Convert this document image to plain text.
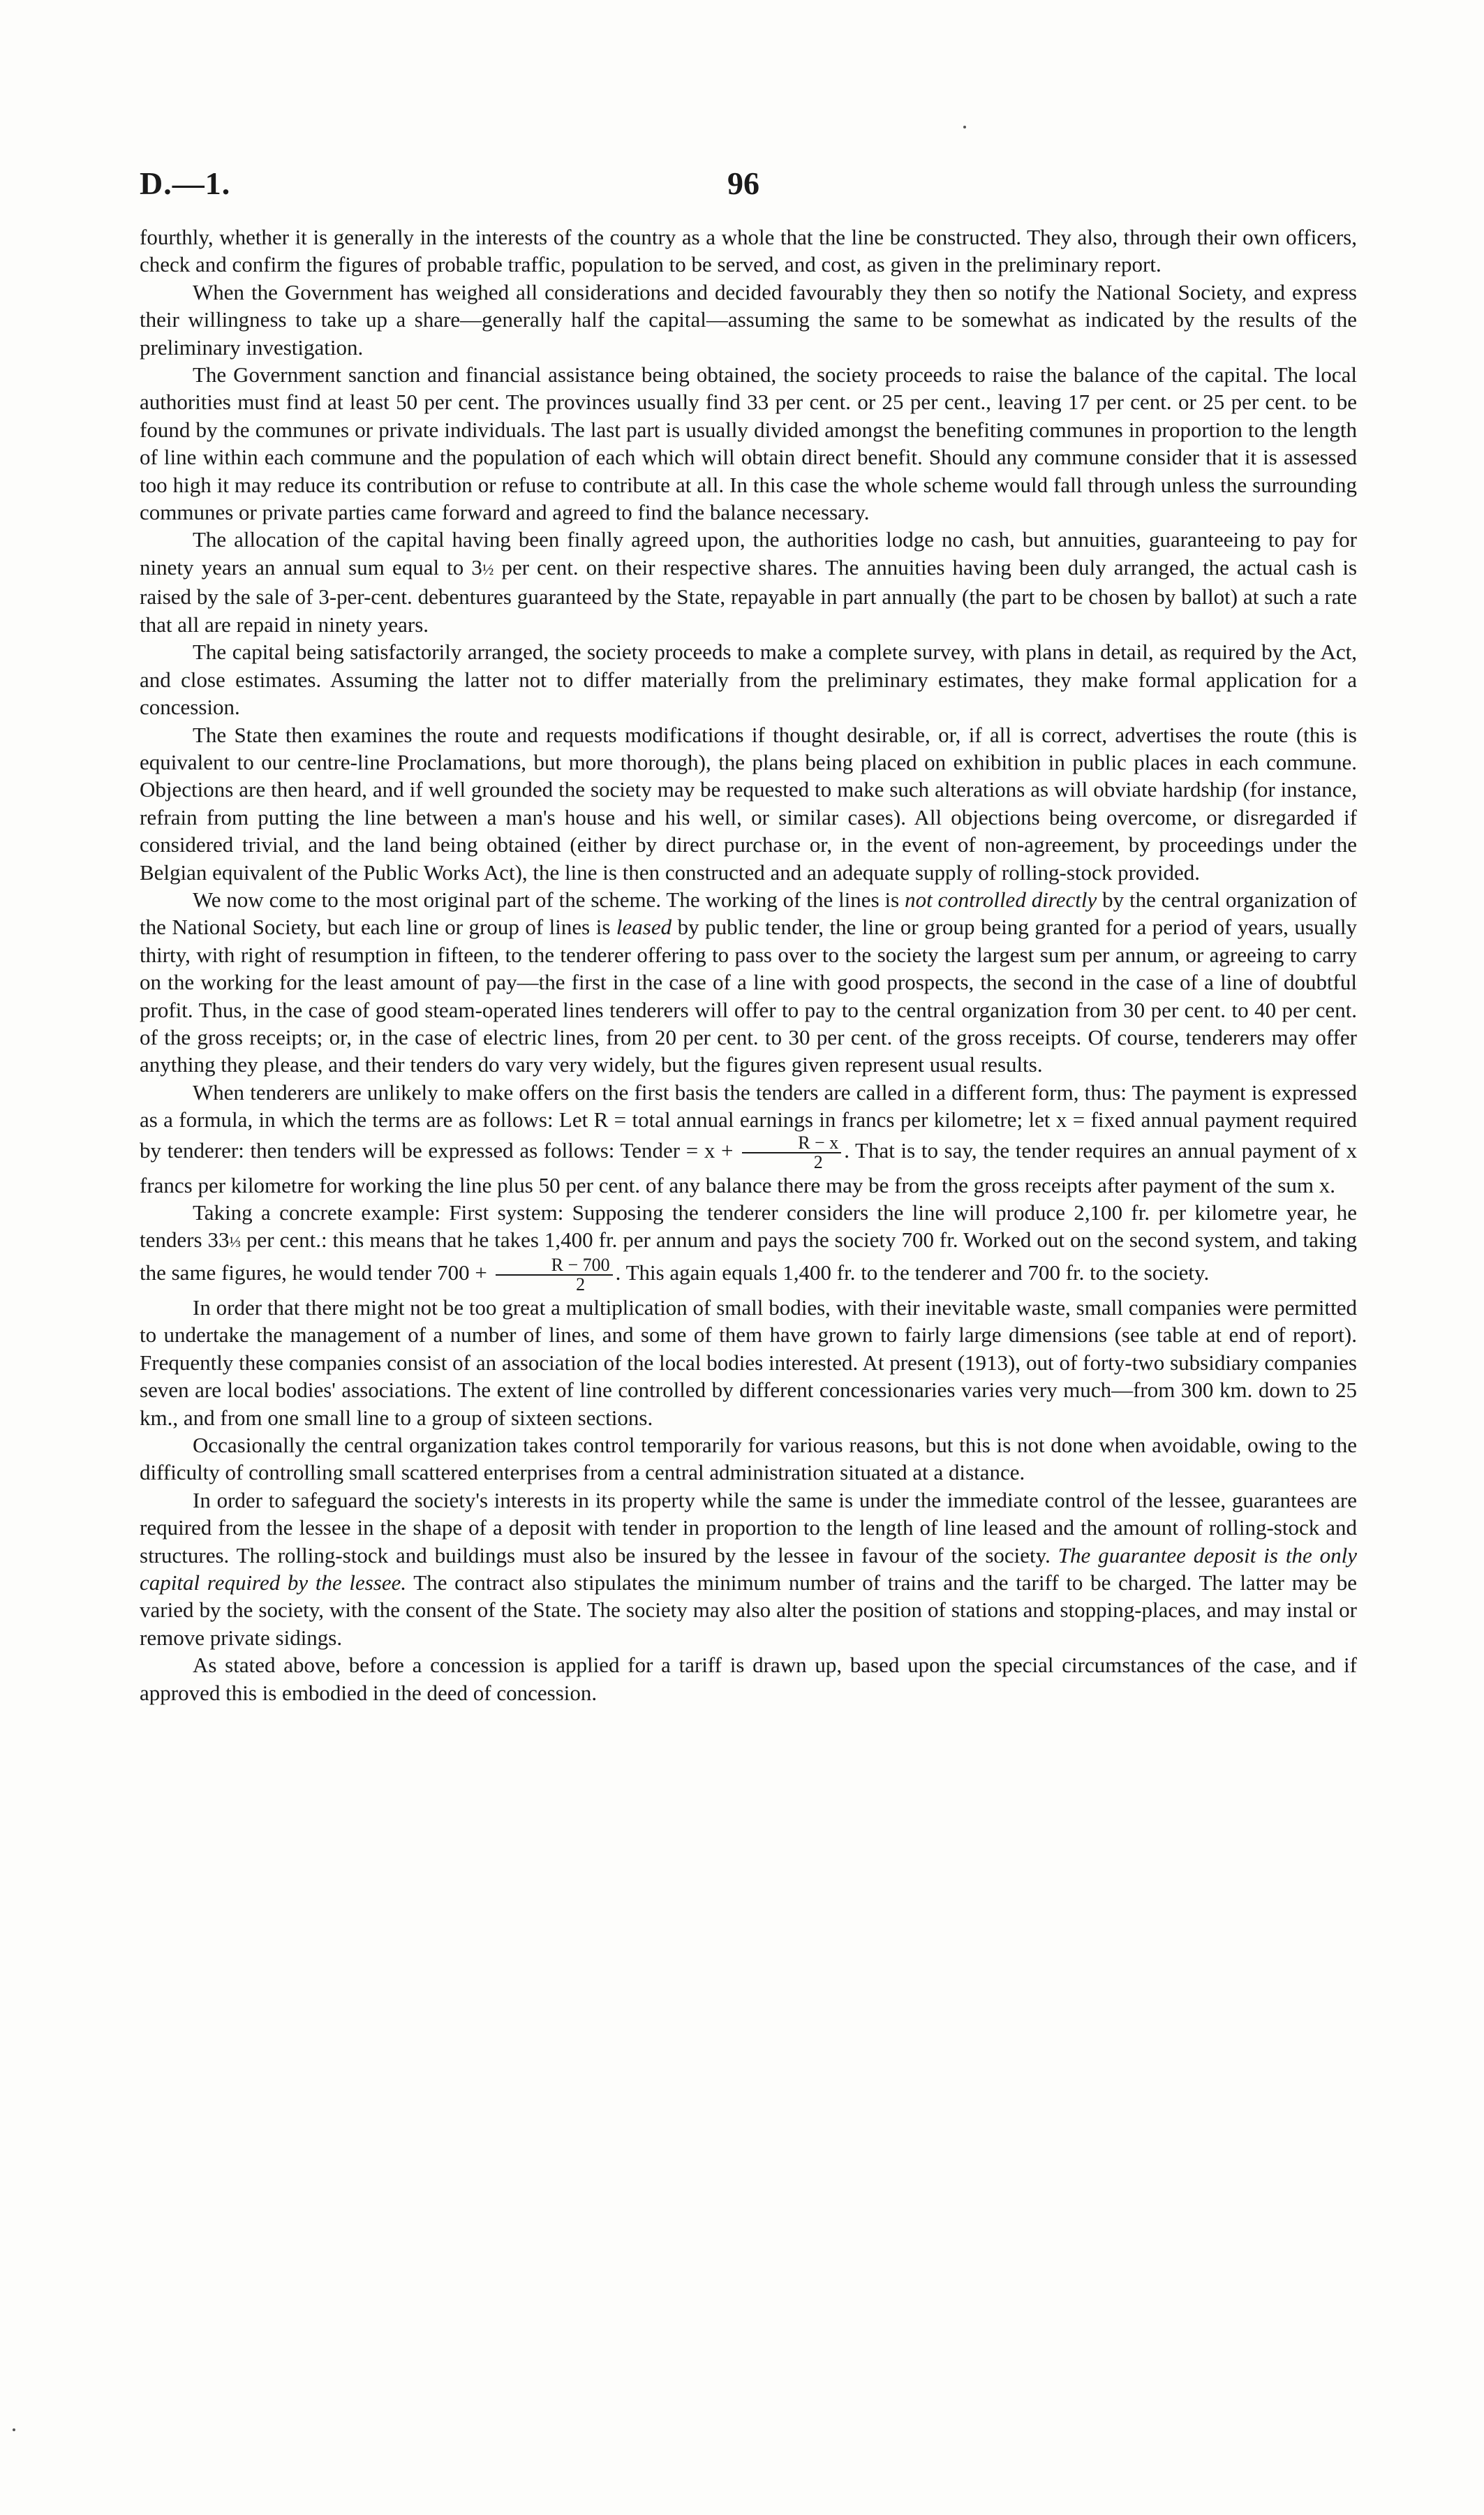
D.—1.	96

fourthly, whether it is generally in the interests of the country as a whole that the line be constructed. They also, through their own officers, check and confirm the figures of probable traffic, population to be served, and cost, as given in the preliminary report.

When the Government has weighed all considerations and decided favourably they then so notify the National Society, and express their willingness to take up a share—generally half the capital—assuming the same to be somewhat as indicated by the results of the preliminary investigation.

The Government sanction and financial assistance being obtained, the society proceeds to raise the balance of the capital. The local authorities must find at least 50 per cent. The provinces usually find 33 per cent. or 25 per cent., leaving 17 per cent. or 25 per cent. to be found by the communes or private individuals. The last part is usually divided amongst the benefiting communes in proportion to the length of line within each commune and the population of each which will obtain direct benefit. Should any commune consider that it is assessed too high it may reduce its contribution or refuse to contribute at all. In this case the whole scheme would fall through unless the surrounding communes or private parties came forward and agreed to find the balance necessary.

The allocation of the capital having been finally agreed upon, the authorities lodge no cash, but annuities, guaranteeing to pay for ninety years an annual sum equal to 3½ per cent. on their respective shares. The annuities having been duly arranged, the actual cash is raised by the sale of 3-per-cent. debentures guaranteed by the State, repayable in part annually (the part to be chosen by ballot) at such a rate that all are repaid in ninety years.

The capital being satisfactorily arranged, the society proceeds to make a complete survey, with plans in detail, as required by the Act, and close estimates. Assuming the latter not to differ materially from the preliminary estimates, they make formal application for a concession.

The State then examines the route and requests modifications if thought desirable, or, if all is correct, advertises the route (this is equivalent to our centre-line Proclamations, but more thorough), the plans being placed on exhibition in public places in each commune. Objections are then heard, and if well grounded the society may be requested to make such alterations as will obviate hardship (for instance, refrain from putting the line between a man's house and his well, or similar cases). All objections being overcome, or disregarded if considered trivial, and the land being obtained (either by direct purchase or, in the event of non-agreement, by proceedings under the Belgian equivalent of the Public Works Act), the line is then constructed and an adequate supply of rolling-stock provided.

We now come to the most original part of the scheme. The working of the lines is not controlled directly by the central organization of the National Society, but each line or group of lines is leased by public tender, the line or group being granted for a period of years, usually thirty, with right of resumption in fifteen, to the tenderer offering to pass over to the society the largest sum per annum, or agreeing to carry on the working for the least amount of pay—the first in the case of a line with good prospects, the second in the case of a line of doubtful profit. Thus, in the case of good steam-operated lines tenderers will offer to pay to the central organization from 30 per cent. to 40 per cent. of the gross receipts; or, in the case of electric lines, from 20 per cent. to 30 per cent. of the gross receipts. Of course, tenderers may offer anything they please, and their tenders do vary very widely, but the figures given represent usual results.

When tenderers are unlikely to make offers on the first basis the tenders are called in a different form, thus: The payment is expressed as a formula, in which the terms are as follows: Let R = total annual earnings in francs per kilometre; let x = fixed annual payment required by tenderer: then tenders will be expressed as follows: Tender = $x + \frac{R - x}{2}$ . That is to say, the tender requires an annual payment of x francs per kilometre for working the line plus 50 per cent. of any balance there may be from the gross receipts after payment of the sum x.

Taking a concrete example: First system: Supposing the tenderer considers the line will produce 2,100 fr. per kilometre year, he tenders 33⅓ per cent.: this means that he takes 1,400 fr. per annum and pays the society 700 fr. Worked out on the second system, and taking the same figures, he would tender $700 + \frac{R - 700}{2}$ . This again equals 1,400 fr. to the tenderer and 700 fr. to the society.

In order that there might not be too great a multiplication of small bodies, with their inevitable waste, small companies were permitted to undertake the management of a number of lines, and some of them have grown to fairly large dimensions (see table at end of report). Frequently these companies consist of an association of the local bodies interested. At present (1913), out of forty-two subsidiary companies seven are local bodies' associations. The extent of line controlled by different concessionaries varies very much—from 300 km. down to 25 km., and from one small line to a group of sixteen sections.

Occasionally the central organization takes control temporarily for various reasons, but this is not done when avoidable, owing to the difficulty of controlling small scattered enterprises from a central administration situated at a distance.

In order to safeguard the society's interests in its property while the same is under the immediate control of the lessee, guarantees are required from the lessee in the shape of a deposit with tender in proportion to the length of line leased and the amount of rolling-stock and structures. The rolling-stock and buildings must also be insured by the lessee in favour of the society. The guarantee deposit is the only capital required by the lessee. The contract also stipulates the minimum number of trains and the tariff to be charged. The latter may be varied by the society, with the consent of the State. The society may also alter the position of stations and stopping-places, and may instal or remove private sidings.

As stated above, before a concession is applied for a tariff is drawn up, based upon the special circumstances of the case, and if approved this is embodied in the deed of concession.
